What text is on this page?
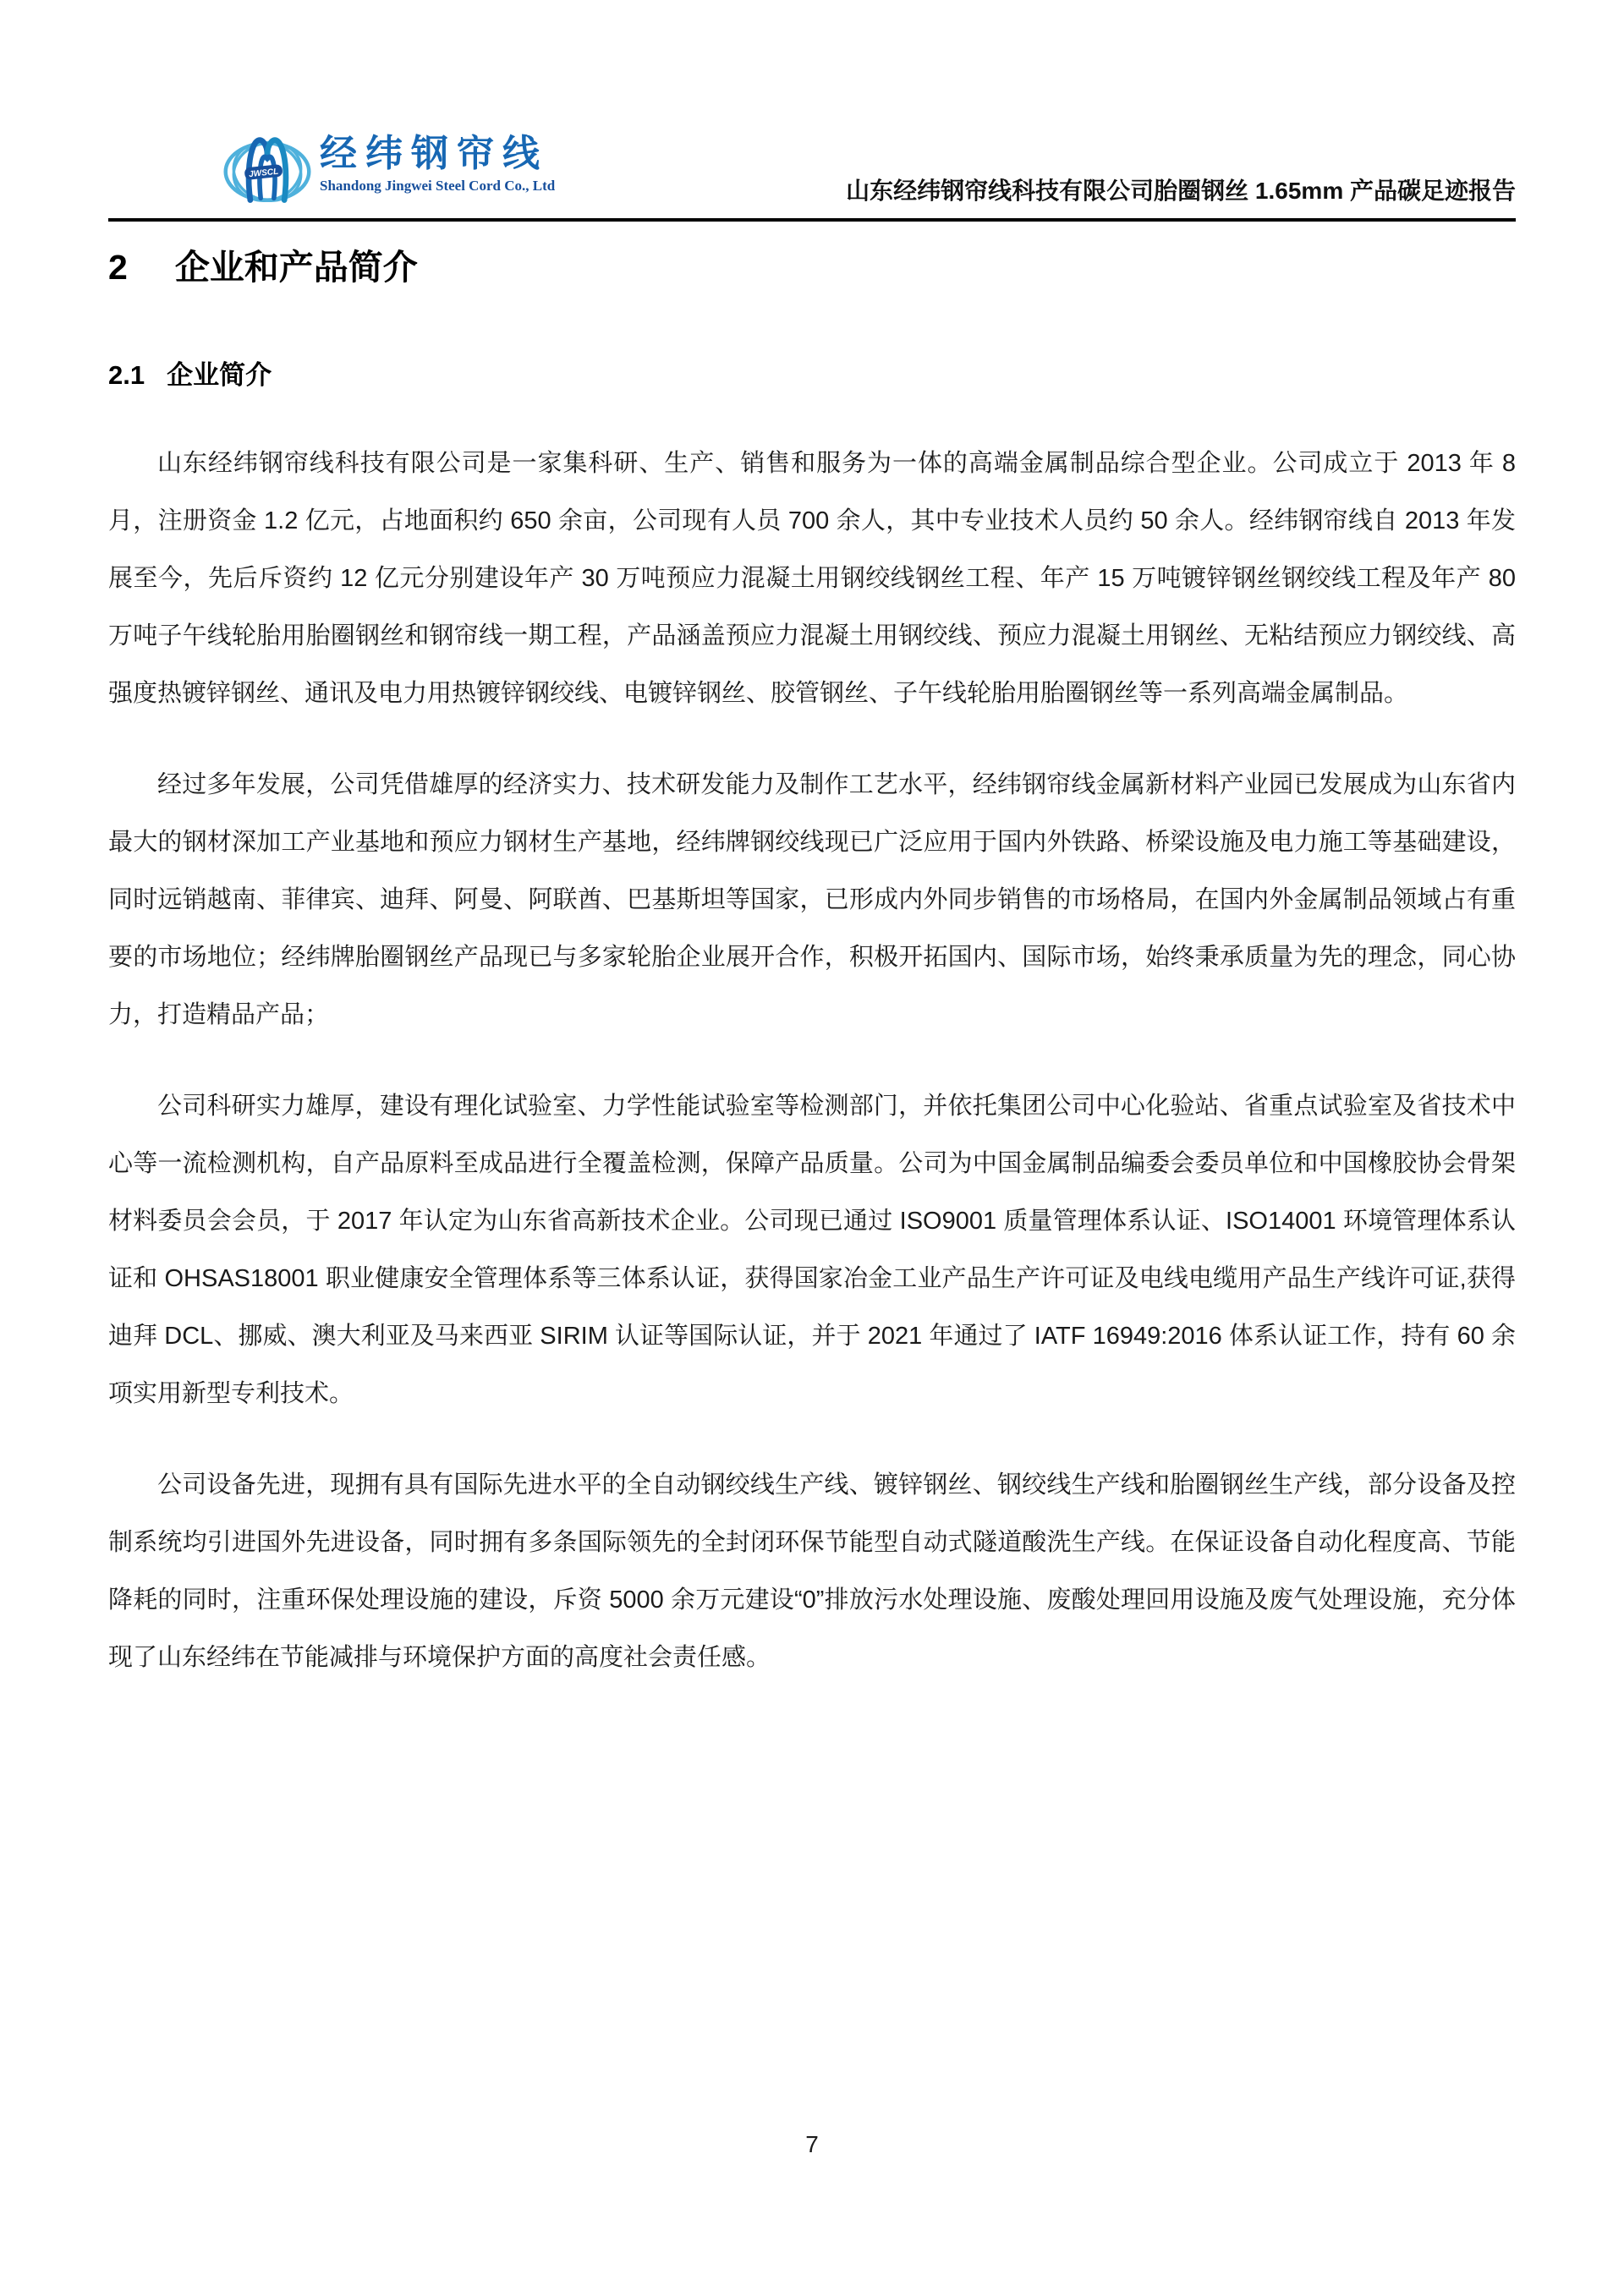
JWSCL 经纬钢帘线
Shandong Jingwei Steel Cord Co., Ltd	山东经纬钢帘线科技有限公司胎圈钢丝 1.65mm 产品碳足迹报告
2 企业和产品简介
2.1 企业简介

山东经纬钢帘线科技有限公司是一家集科研、生产、销售和服务为一体的高端金属制品综合型企业。公司成立于 2013 年 8 月，注册资金 1.2 亿元，占地面积约 650 余亩，公司现有人员 700 余人，其中专业技术人员约 50 余人。经纬钢帘线自 2013 年发展至今，先后斥资约 12 亿元分别建设年产 30 万吨预应力混凝土用钢绞线钢丝工程、年产 15 万吨镀锌钢丝钢绞线工程及年产 80 万吨子午线轮胎用胎圈钢丝和钢帘线一期工程，产品涵盖预应力混凝土用钢绞线、预应力混凝土用钢丝、无粘结预应力钢绞线、高强度热镀锌钢丝、通讯及电力用热镀锌钢绞线、电镀锌钢丝、胶管钢丝、子午线轮胎用胎圈钢丝等一系列高端金属制品。

经过多年发展，公司凭借雄厚的经济实力、技术研发能力及制作工艺水平，经纬钢帘线金属新材料产业园已发展成为山东省内最大的钢材深加工产业基地和预应力钢材生产基地，经纬牌钢绞线现已广泛应用于国内外铁路、桥梁设施及电力施工等基础建设，同时远销越南、菲律宾、迪拜、阿曼、阿联酋、巴基斯坦等国家，已形成内外同步销售的市场格局，在国内外金属制品领域占有重要的市场地位；经纬牌胎圈钢丝产品现已与多家轮胎企业展开合作，积极开拓国内、国际市场，始终秉承质量为先的理念，同心协力，打造精品产品；

公司科研实力雄厚，建设有理化试验室、力学性能试验室等检测部门，并依托集团公司中心化验站、省重点试验室及省技术中心等一流检测机构，自产品原料至成品进行全覆盖检测，保障产品质量。公司为中国金属制品编委会委员单位和中国橡胶协会骨架材料委员会会员，于 2017 年认定为山东省高新技术企业。公司现已通过 ISO9001 质量管理体系认证、ISO14001 环境管理体系认证和 OHSAS18001 职业健康安全管理体系等三体系认证，获得国家冶金工业产品生产许可证及电线电缆用产品生产线许可证,获得迪拜 DCL、挪威、澳大利亚及马来西亚 SIRIM 认证等国际认证，并于 2021 年通过了 IATF 16949:2016 体系认证工作，持有 60 余项实用新型专利技术。

公司设备先进，现拥有具有国际先进水平的全自动钢绞线生产线、镀锌钢丝、钢绞线生产线和胎圈钢丝生产线，部分设备及控制系统均引进国外先进设备，同时拥有多条国际领先的全封闭环保节能型自动式隧道酸洗生产线。在保证设备自动化程度高、节能降耗的同时，注重环保处理设施的建设，斥资 5000 余万元建设“0”排放污水处理设施、废酸处理回用设施及废气处理设施，充分体现了山东经纬在节能减排与环境保护方面的高度社会责任感。

7
